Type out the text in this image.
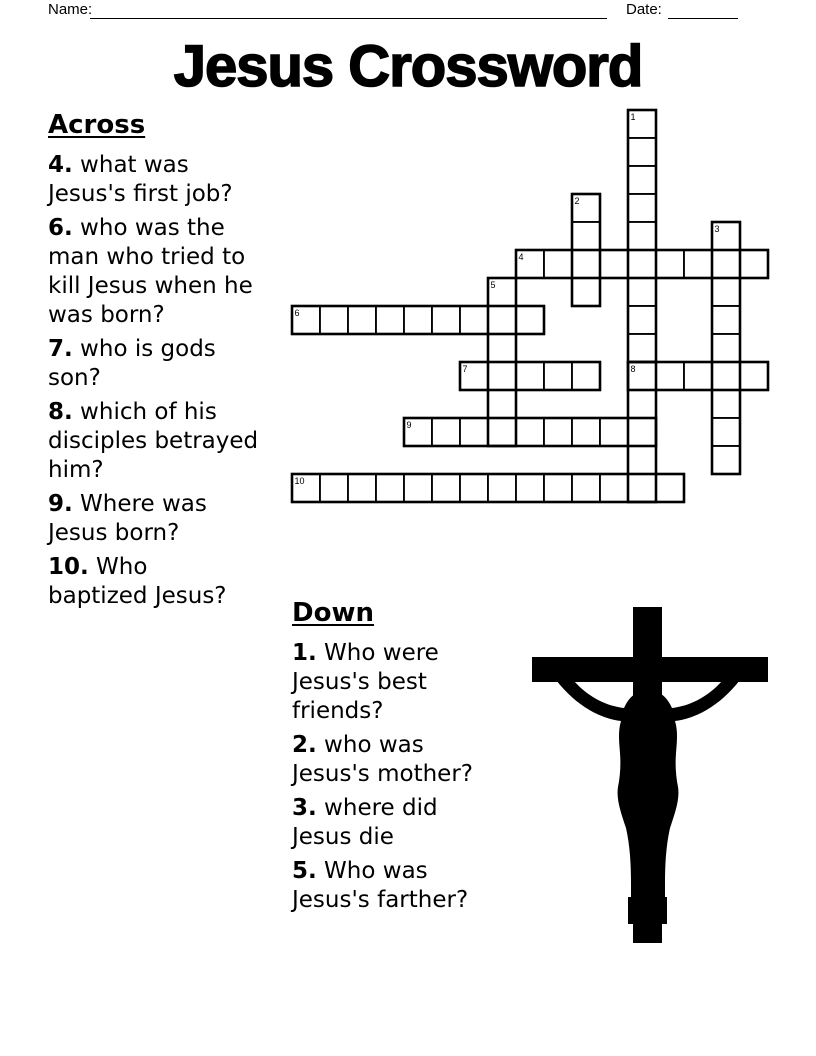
Name:	Date:
Jesus Crossword
Across

4. what was
Jesus's first job?

6. who was the
man who tried to
kill Jesus when he
was born?

7. who is gods
son?

8. which of his
disciples betrayed
him?

9. Where was
Jesus born?

10. Who
baptized Jesus?

1
2
3
4
5
6
7	8
9
10
Down

1. Who were
Jesus's best
friends?

2. who was
Jesus's mother?

3. where did
Jesus die

5. Who was
Jesus's farther?
